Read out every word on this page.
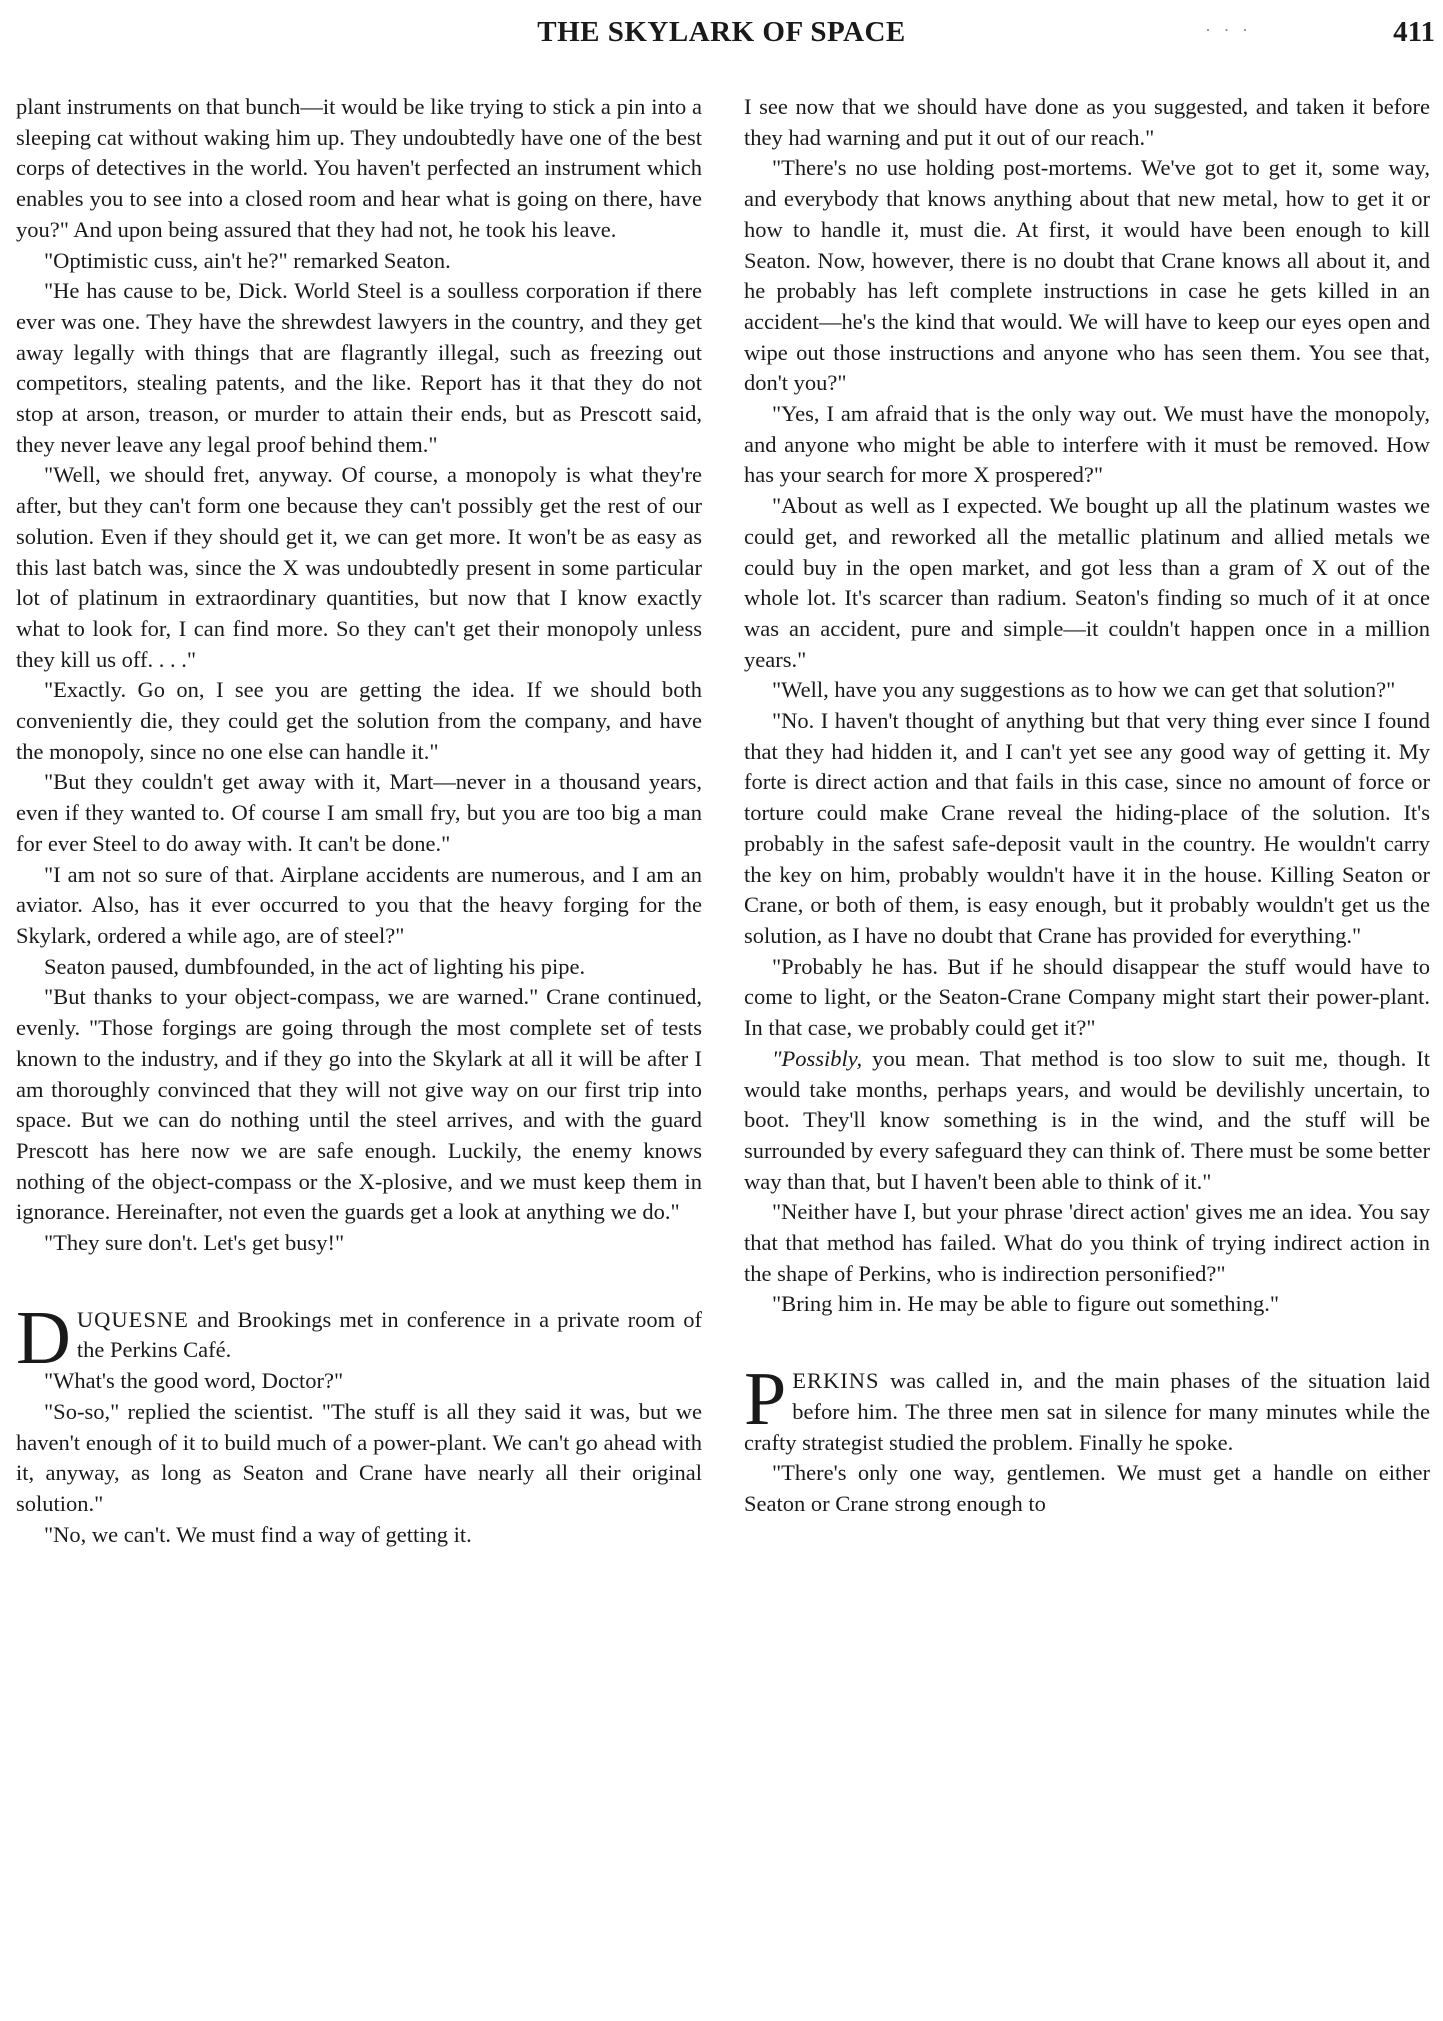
THE SKYLARK OF SPACE	· · ·	411

plant instruments on that bunch—it would be like trying to stick a pin into a sleeping cat without waking him up. They undoubtedly have one of the best corps of detectives in the world. You haven't perfected an instrument which enables you to see into a closed room and hear what is going on there, have you?" And upon being assured that they had not, he took his leave.

"Optimistic cuss, ain't he?" remarked Seaton.

"He has cause to be, Dick. World Steel is a soulless corporation if there ever was one. They have the shrewdest lawyers in the country, and they get away legally with things that are flagrantly illegal, such as freezing out competitors, stealing patents, and the like. Report has it that they do not stop at arson, treason, or murder to attain their ends, but as Prescott said, they never leave any legal proof behind them."

"Well, we should fret, anyway. Of course, a monopoly is what they're after, but they can't form one because they can't possibly get the rest of our solution. Even if they should get it, we can get more. It won't be as easy as this last batch was, since the X was undoubtedly present in some particular lot of platinum in extraordinary quantities, but now that I know exactly what to look for, I can find more. So they can't get their monopoly unless they kill us off. . . ."

"Exactly. Go on, I see you are getting the idea. If we should both conveniently die, they could get the solution from the company, and have the monopoly, since no one else can handle it."

"But they couldn't get away with it, Mart—never in a thousand years, even if they wanted to. Of course I am small fry, but you are too big a man for ever Steel to do away with. It can't be done."

"I am not so sure of that. Airplane accidents are numerous, and I am an aviator. Also, has it ever occurred to you that the heavy forging for the Skylark, ordered a while ago, are of steel?"

Seaton paused, dumbfounded, in the act of lighting his pipe.

"But thanks to your object-compass, we are warned." Crane continued, evenly. "Those forgings are going through the most complete set of tests known to the industry, and if they go into the Skylark at all it will be after I am thoroughly convinced that they will not give way on our first trip into space. But we can do nothing until the steel arrives, and with the guard Prescott has here now we are safe enough. Luckily, the enemy knows nothing of the object-compass or the X-plosive, and we must keep them in ignorance. Hereinafter, not even the guards get a look at anything we do."

"They sure don't. Let's get busy!"

DUQUESNE and Brookings met in conference in a private room of the Perkins Café.

"What's the good word, Doctor?"

"So-so," replied the scientist. "The stuff is all they said it was, but we haven't enough of it to build much of a power-plant. We can't go ahead with it, anyway, as long as Seaton and Crane have nearly all their original solution."

"No, we can't. We must find a way of getting it.

I see now that we should have done as you suggested, and taken it before they had warning and put it out of our reach."

"There's no use holding post-mortems. We've got to get it, some way, and everybody that knows anything about that new metal, how to get it or how to handle it, must die. At first, it would have been enough to kill Seaton. Now, however, there is no doubt that Crane knows all about it, and he probably has left complete instructions in case he gets killed in an accident—he's the kind that would. We will have to keep our eyes open and wipe out those instructions and anyone who has seen them. You see that, don't you?"

"Yes, I am afraid that is the only way out. We must have the monopoly, and anyone who might be able to interfere with it must be removed. How has your search for more X prospered?"

"About as well as I expected. We bought up all the platinum wastes we could get, and reworked all the metallic platinum and allied metals we could buy in the open market, and got less than a gram of X out of the whole lot. It's scarcer than radium. Seaton's finding so much of it at once was an accident, pure and simple—it couldn't happen once in a million years."

"Well, have you any suggestions as to how we can get that solution?"

"No. I haven't thought of anything but that very thing ever since I found that they had hidden it, and I can't yet see any good way of getting it. My forte is direct action and that fails in this case, since no amount of force or torture could make Crane reveal the hiding-place of the solution. It's probably in the safest safe-deposit vault in the country. He wouldn't carry the key on him, probably wouldn't have it in the house. Killing Seaton or Crane, or both of them, is easy enough, but it probably wouldn't get us the solution, as I have no doubt that Crane has provided for everything."

"Probably he has. But if he should disappear the stuff would have to come to light, or the Seaton-Crane Company might start their power-plant. In that case, we probably could get it?"

"Possibly, you mean. That method is too slow to suit me, though. It would take months, perhaps years, and would be devilishly uncertain, to boot. They'll know something is in the wind, and the stuff will be surrounded by every safeguard they can think of. There must be some better way than that, but I haven't been able to think of it."

"Neither have I, but your phrase 'direct action' gives me an idea. You say that that method has failed. What do you think of trying indirect action in the shape of Perkins, who is indirection personified?"

"Bring him in. He may be able to figure out something."

PERKINS was called in, and the main phases of the situation laid before him. The three men sat in silence for many minutes while the crafty strategist studied the problem. Finally he spoke.

"There's only one way, gentlemen. We must get a handle on either Seaton or Crane strong enough to
